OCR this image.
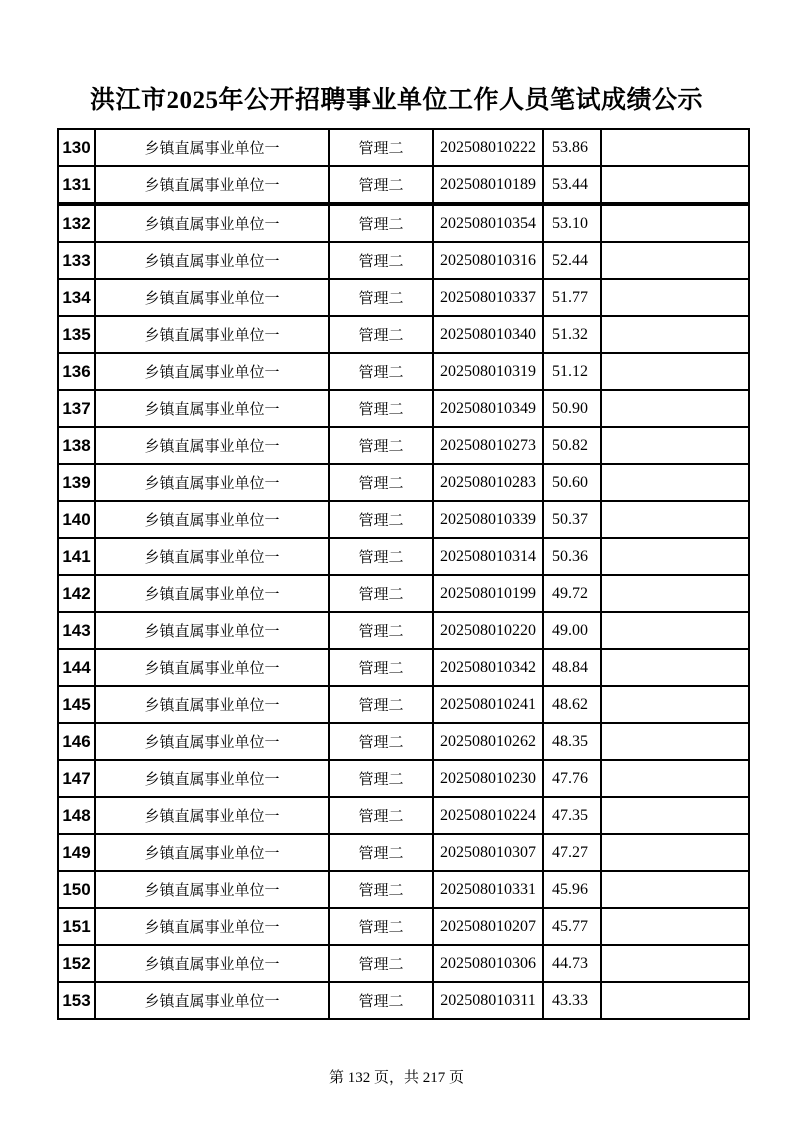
洪江市2025年公开招聘事业单位工作人员笔试成绩公示
130	乡镇直属事业单位一	管理二	202508010222	53.86	
131	乡镇直属事业单位一	管理二	202508010189	53.44	
132	乡镇直属事业单位一	管理二	202508010354	53.10	
133	乡镇直属事业单位一	管理二	202508010316	52.44	
134	乡镇直属事业单位一	管理二	202508010337	51.77	
135	乡镇直属事业单位一	管理二	202508010340	51.32	
136	乡镇直属事业单位一	管理二	202508010319	51.12	
137	乡镇直属事业单位一	管理二	202508010349	50.90	
138	乡镇直属事业单位一	管理二	202508010273	50.82	
139	乡镇直属事业单位一	管理二	202508010283	50.60	
140	乡镇直属事业单位一	管理二	202508010339	50.37	
141	乡镇直属事业单位一	管理二	202508010314	50.36	
142	乡镇直属事业单位一	管理二	202508010199	49.72	
143	乡镇直属事业单位一	管理二	202508010220	49.00	
144	乡镇直属事业单位一	管理二	202508010342	48.84	
145	乡镇直属事业单位一	管理二	202508010241	48.62	
146	乡镇直属事业单位一	管理二	202508010262	48.35	
147	乡镇直属事业单位一	管理二	202508010230	47.76	
148	乡镇直属事业单位一	管理二	202508010224	47.35	
149	乡镇直属事业单位一	管理二	202508010307	47.27	
150	乡镇直属事业单位一	管理二	202508010331	45.96	
151	乡镇直属事业单位一	管理二	202508010207	45.77	
152	乡镇直属事业单位一	管理二	202508010306	44.73	
153	乡镇直属事业单位一	管理二	202508010311	43.33	
第 132 页，共 217 页
